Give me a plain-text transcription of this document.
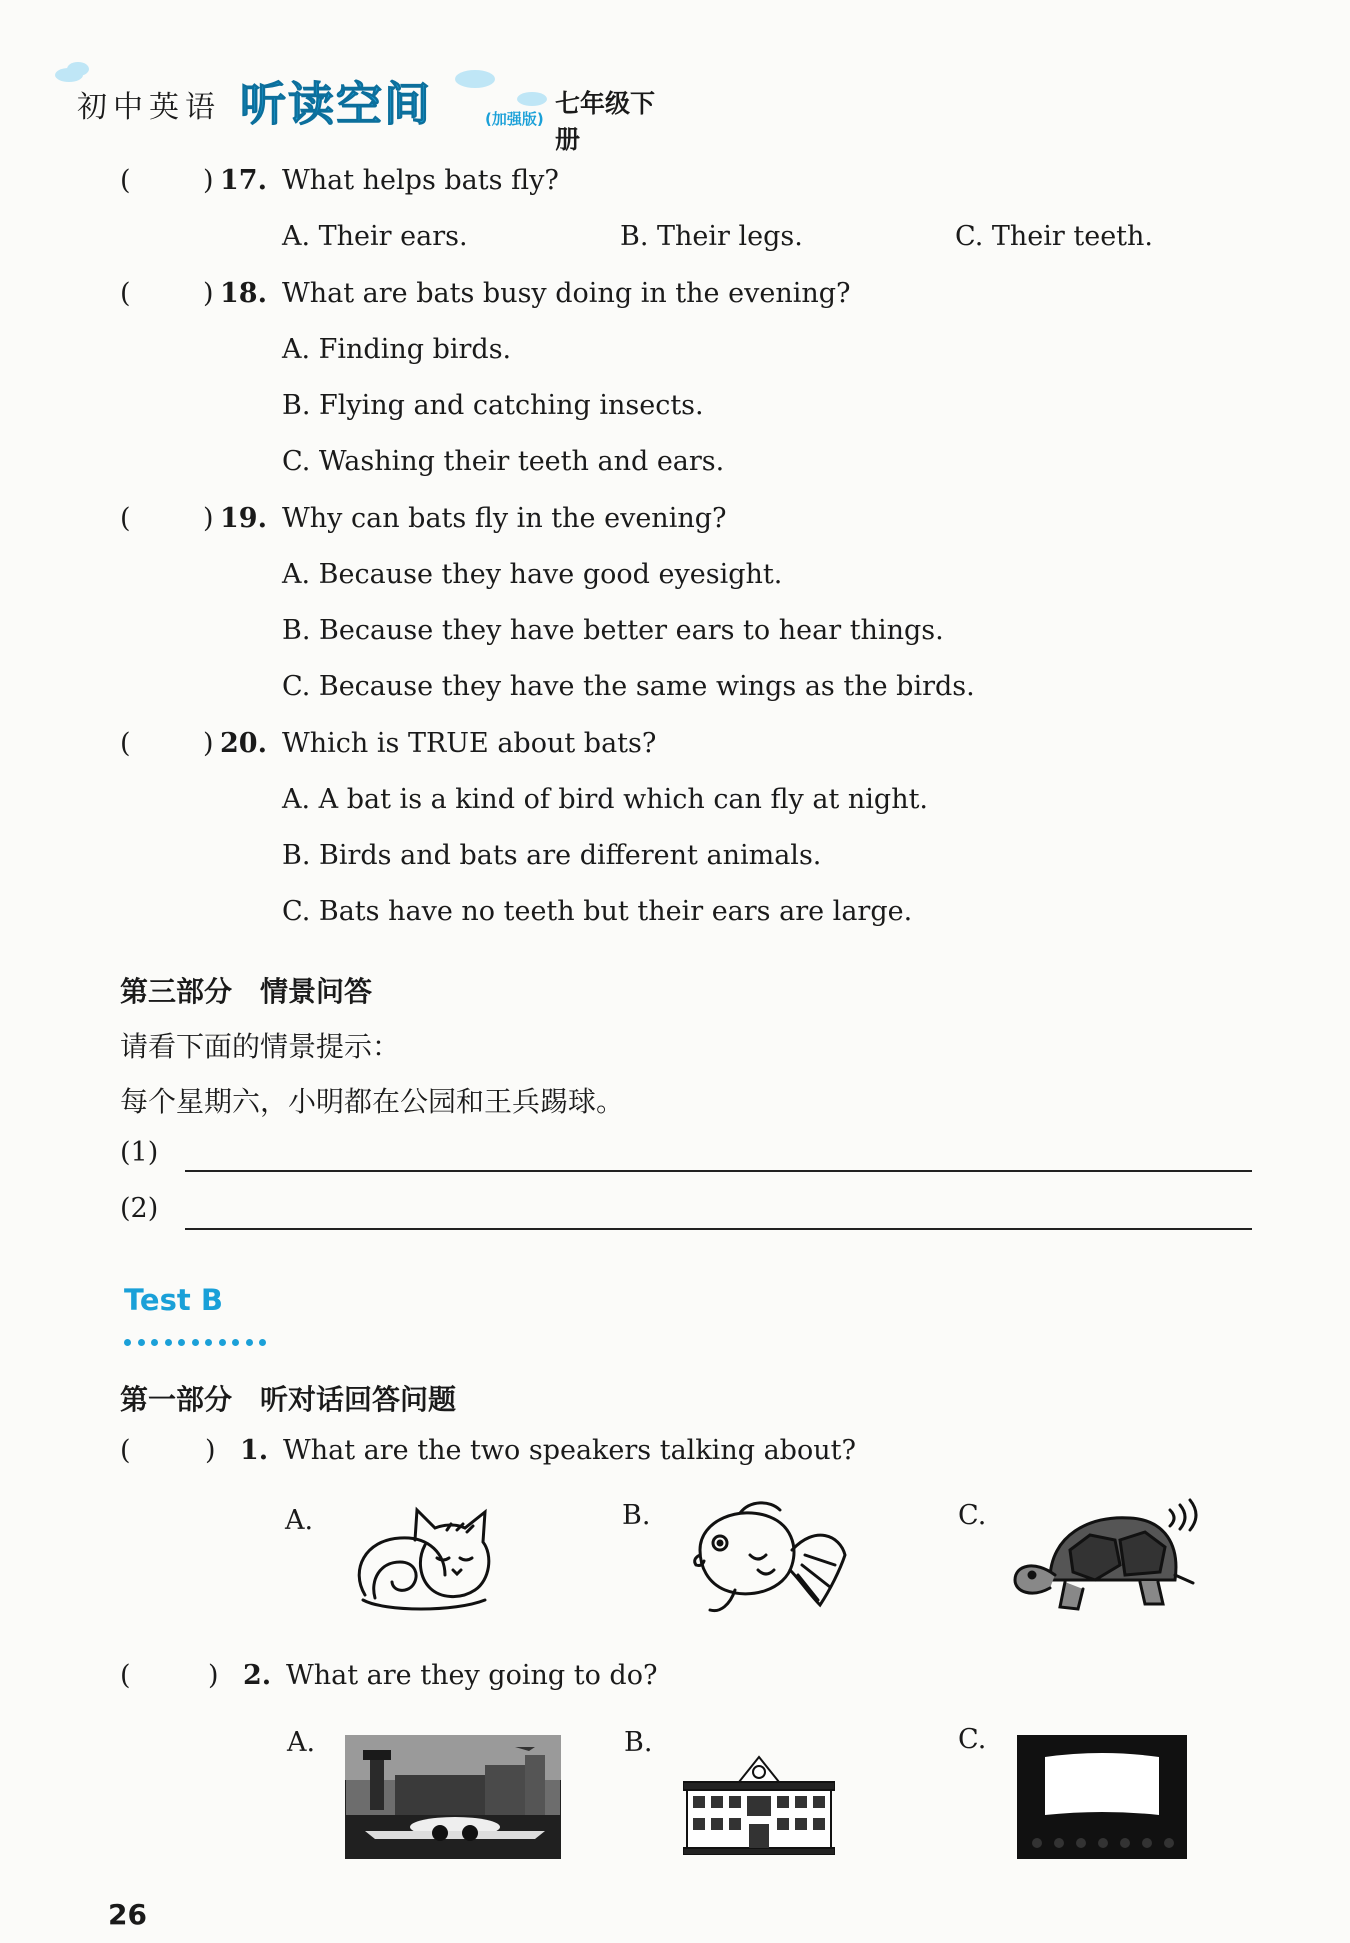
初中英语 听读空间	(加强版)
七年级下册
(	) 17. What helps bats fly?
A. Their ears.	B. Their legs.	C. Their teeth.
(	) 18. What are bats busy doing in the evening?
A. Finding birds.
B. Flying and catching insects.
C. Washing their teeth and ears.
(	) 19. Why can bats fly in the evening?
A. Because they have good eyesight.
B. Because they have better ears to hear things.
C. Because they have the same wings as the birds.
(	) 20. Which is TRUE about bats?
A. A bat is a kind of bird which can fly at night.
B. Birds and bats are different animals.
C. Bats have no teeth but their ears are large.
第三部分　情景问答
请看下面的情景提示：
每个星期六，小明都在公园和王兵踢球。
(1)
(2)
Test B
第一部分　听对话回答问题
(	) 1. What are the two speakers talking about?
A.	B.	C.
(	) 2. What are they going to do?
A.	B.	C.
26
